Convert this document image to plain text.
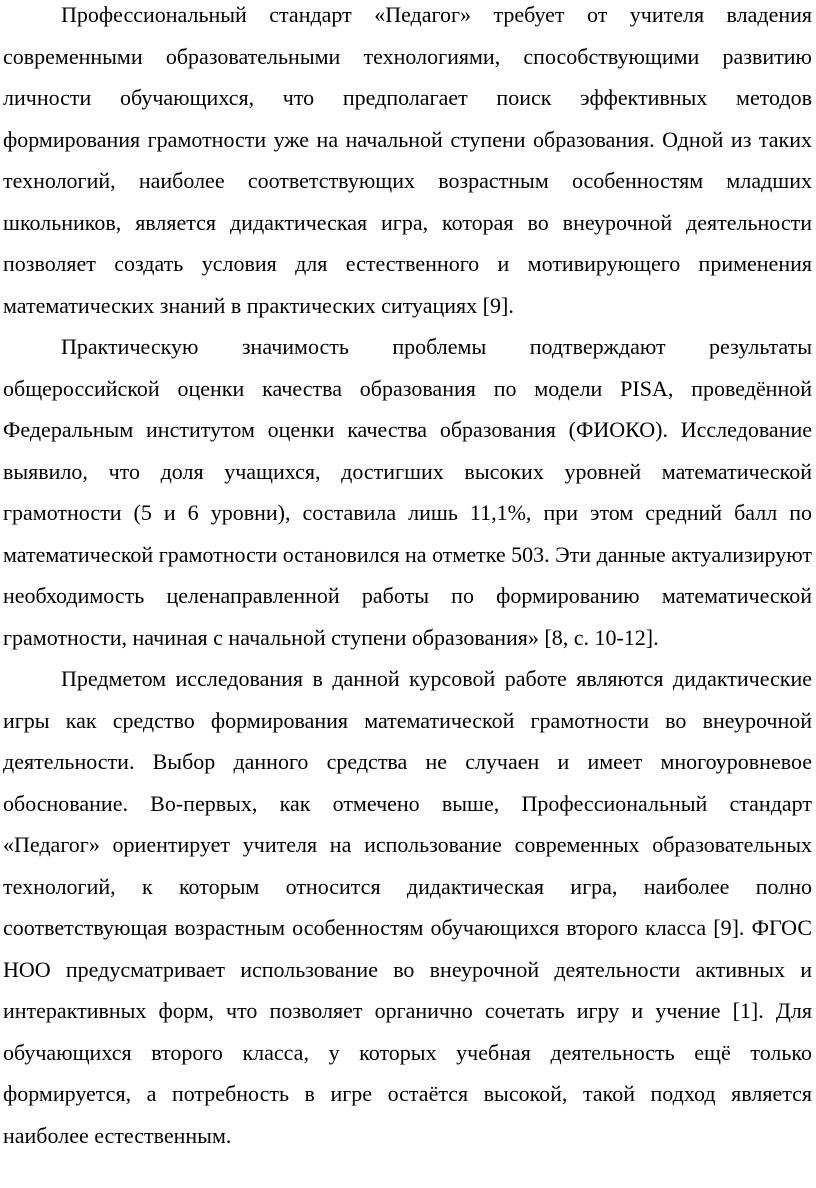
Профессиональный стандарт «Педагог» требует от учителя владения современными образовательными технологиями, способствующими развитию личности обучающихся, что предполагает поиск эффективных методов формирования грамотности уже на начальной ступени образования. Одной из таких технологий, наиболее соответствующих возрастным особенностям младших школьников, является дидактическая игра, которая во внеурочной деятельности позволяет создать условия для естественного и мотивирующего применения математических знаний в практических ситуациях [9].

Практическую значимость проблемы подтверждают результаты общероссийской оценки качества образования по модели PISA, проведённой Федеральным институтом оценки качества образования (ФИОКО). Исследование выявило, что доля учащихся, достигших высоких уровней математической грамотности (5 и 6 уровни), составила лишь 11,1%, при этом средний балл по математической грамотности остановился на отметке 503. Эти данные актуализируют необходимость целенаправленной работы по формированию математической грамотности, начиная с начальной ступени образования» [8, с. 10-12].

Предметом исследования в данной курсовой работе являются дидактические игры как средство формирования математической грамотности во внеурочной деятельности. Выбор данного средства не случаен и имеет многоуровневое обоснование. Во-первых, как отмечено выше, Профессиональный стандарт «Педагог» ориентирует учителя на использование современных образовательных технологий, к которым относится дидактическая игра, наиболее полно соответствующая возрастным особенностям обучающихся второго класса [9]. ФГОС НОО предусматривает использование во внеурочной деятельности активных и интерактивных форм, что позволяет органично сочетать игру и учение [1]. Для обучающихся второго класса, у которых учебная деятельность ещё только формируется, а потребность в игре остаётся высокой, такой подход является наиболее естественным.
